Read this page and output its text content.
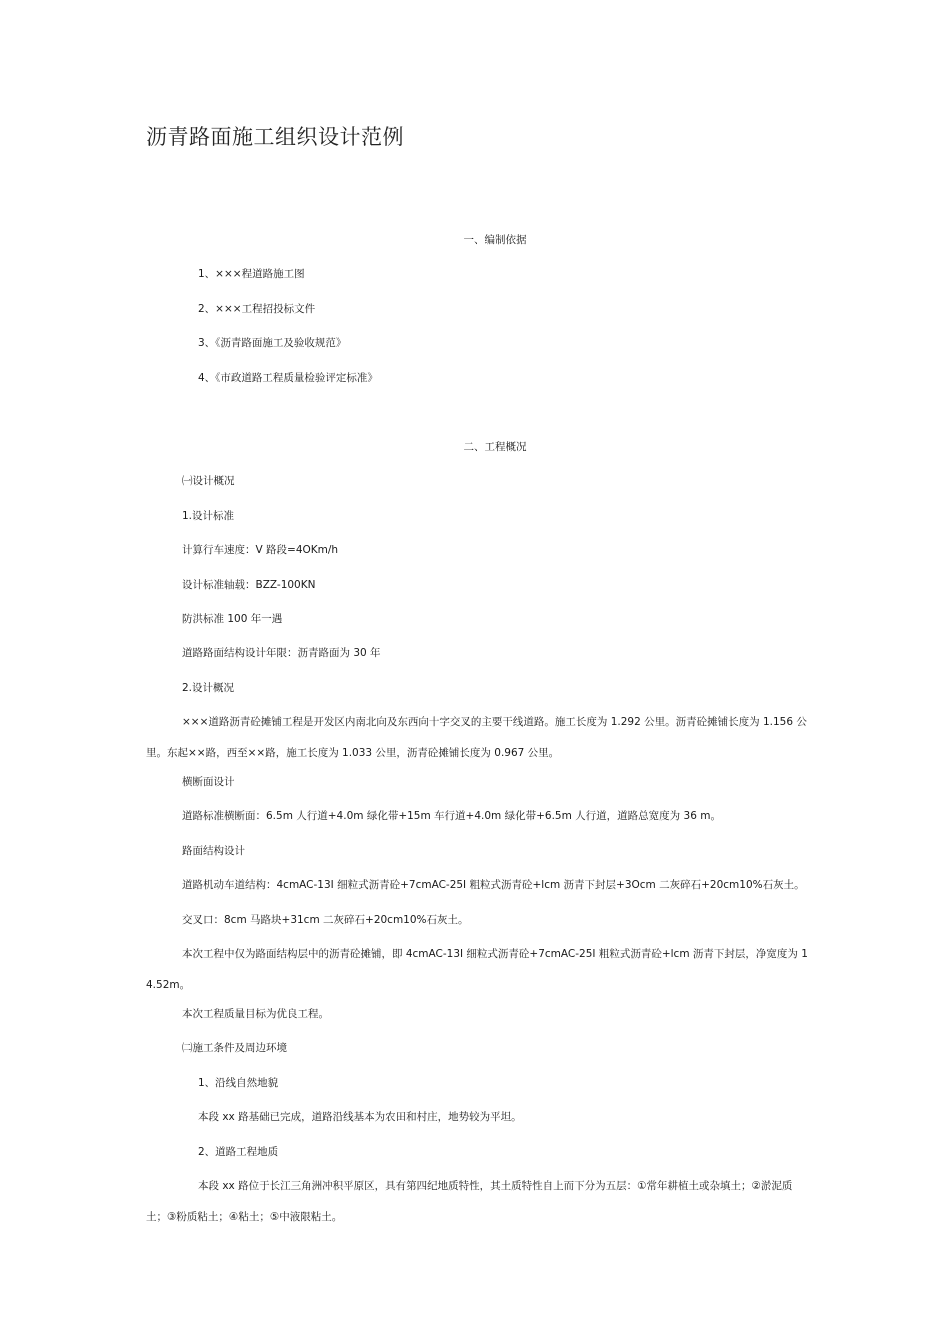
沥青路面施工组织设计范例
一、编制依据
1、×××程道路施工图
2、×××工程招投标文件
3、《沥青路面施工及验收规范》
4、《市政道路工程质量检验评定标准》
二、工程概况
㈠设计概况
1.设计标准
计算行车速度：V 路段=4OKm/h
设计标准轴载：BZZ-100KN
防洪标准 100 年一遇
道路路面结构设计年限：沥青路面为 30 年
2.设计概况
×××道路沥青砼摊铺工程是开发区内南北向及东西向十字交叉的主要干线道路。施工长度为 1.292 公里。沥青砼摊铺长度为 1.156 公里。东起××路，西至××路，施工长度为 1.033 公里，沥青砼摊铺长度为 0.967 公里。
横断面设计
道路标准横断面：6.5m 人行道+4.0m 绿化带+15m 车行道+4.0m 绿化带+6.5m 人行道，道路总宽度为 36 m。
路面结构设计
道路机动车道结构：4cmAC-13I 细粒式沥青砼+7cmAC-25I 粗粒式沥青砼+lcm 沥青下封层+3Ocm 二灰碎石+20cm10%石灰土。
交叉口：8cm 马路块+31cm 二灰碎石+20cm10%石灰土。
本次工程中仅为路面结构层中的沥青砼摊铺，即 4cmAC-13I 细粒式沥青砼+7cmAC-25I 粗粒式沥青砼+lcm 沥青下封层，净宽度为 14.52m。
本次工程质量目标为优良工程。
㈡施工条件及周边环境
1、沿线自然地貌
本段 xx 路基础已完成，道路沿线基本为农田和村庄，地势较为平坦。
2、道路工程地质
本段 xx 路位于长江三角洲冲积平原区，具有第四纪地质特性，其土质特性自上而下分为五层：①常年耕植土或杂填土；②淤泥质土；③粉质粘土；④粘土；⑤中液限粘土。
